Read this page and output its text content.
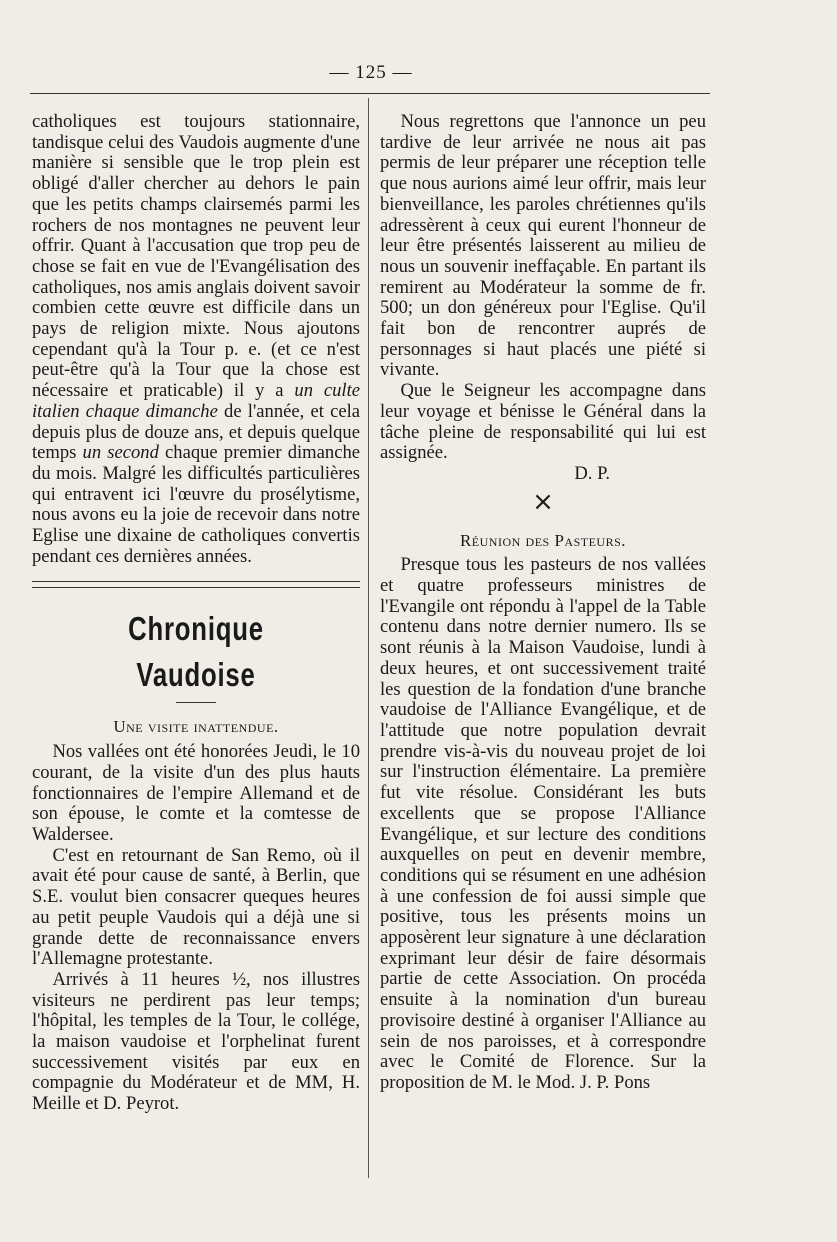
— 125 —

catholiques est toujours stationnaire, tandisque celui des Vaudois augmente d'une manière si sensible que le trop plein est obligé d'aller chercher au dehors le pain que les petits champs clairsemés parmi les rochers de nos montagnes ne peuvent leur offrir. Quant à l'accusation que trop peu de chose se fait en vue de l'Evangélisation des catholiques, nos amis anglais doivent savoir combien cette œuvre est difficile dans un pays de religion mixte. Nous ajoutons cependant qu'à la Tour p. e. (et ce n'est peut-être qu'à la Tour que la chose est nécessaire et praticable) il y a un culte italien chaque dimanche de l'année, et cela depuis plus de douze ans, et depuis quelque temps un second chaque premier dimanche du mois. Malgré les difficultés particulières qui entravent ici l'œuvre du prosélytisme, nous avons eu la joie de recevoir dans notre Eglise une dixaine de catholiques convertis pendant ces dernières années.

Chronique Vaudoise
Une visite inattendue.

Nos vallées ont été honorées Jeudi, le 10 courant, de la visite d'un des plus hauts fonctionnaires de l'empire Allemand et de son épouse, le comte et la comtesse de Waldersee.

C'est en retournant de San Remo, où il avait été pour cause de santé, à Berlin, que S.E. voulut bien consacrer queques heures au petit peuple Vaudois qui a déjà une si grande dette de reconnaissance envers l'Allemagne protestante.

Arrivés à 11 heures ½, nos illustres visiteurs ne perdirent pas leur temps; l'hôpital, les temples de la Tour, le collége, la maison vaudoise et l'orphelinat furent successivement visités par eux en compagnie du Modérateur et de MM, H. Meille et D. Peyrot.

Nous regrettons que l'annonce un peu tardive de leur arrivée ne nous ait pas permis de leur préparer une réception telle que nous aurions aimé leur offrir, mais leur bienveillance, les paroles chrétiennes qu'ils adressèrent à ceux qui eurent l'honneur de leur être présentés laisserent au milieu de nous un souvenir ineffaçable. En partant ils remirent au Modérateur la somme de fr. 500; un don généreux pour l'Eglise. Qu'il fait bon de rencontrer auprés de personnages si haut placés une piété si vivante.

Que le Seigneur les accompagne dans leur voyage et bénisse le Général dans la tâche pleine de responsabilité qui lui est assignée.

D. P.

×
Réunion des Pasteurs.

Presque tous les pasteurs de nos vallées et quatre professeurs ministres de l'Evangile ont répondu à l'appel de la Table contenu dans notre dernier numero. Ils se sont réunis à la Maison Vaudoise, lundi à deux heures, et ont successivement traité les question de la fondation d'une branche vaudoise de l'Alliance Evangélique, et de l'attitude que notre population devrait prendre vis-à-vis du nouveau projet de loi sur l'instruction élémentaire. La première fut vite résolue. Considérant les buts excellents que se propose l'Alliance Evangélique, et sur lecture des conditions auxquelles on peut en devenir membre, conditions qui se résument en une adhésion à une confession de foi aussi simple que positive, tous les présents moins un apposèrent leur signature à une déclaration exprimant leur désir de faire désormais partie de cette Association. On procéda ensuite à la nomination d'un bureau provisoire destiné à organiser l'Alliance au sein de nos paroisses, et à correspondre avec le Comité de Florence. Sur la proposition de M. le Mod. J. P. Pons
